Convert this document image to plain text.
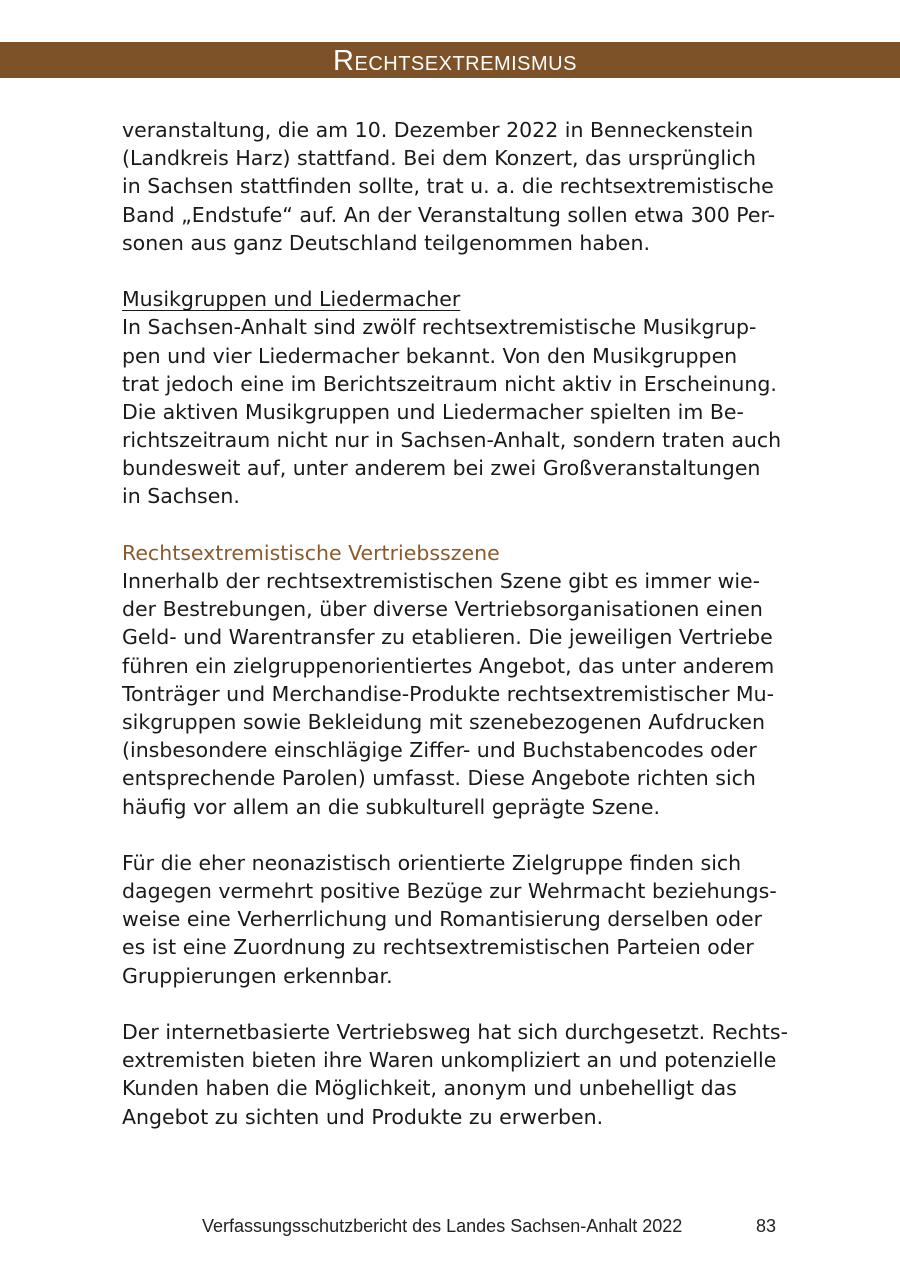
Rechtsextremismus
veranstaltung, die am 10. Dezember 2022 in Benneckenstein
(Landkreis Harz) stattfand. Bei dem Konzert, das ursprünglich
in Sachsen stattfinden sollte, trat u. a. die rechtsextremistische
Band „Endstufe“ auf. An der Veranstaltung sollen etwa 300 Per-
sonen aus ganz Deutschland teilgenommen haben.
Musikgruppen und Liedermacher
In Sachsen-Anhalt sind zwölf rechtsextremistische Musikgrup-
pen und vier Liedermacher bekannt. Von den Musikgruppen
trat jedoch eine im Berichtszeitraum nicht aktiv in Erscheinung.
Die aktiven Musikgruppen und Liedermacher spielten im Be-
richtszeitraum nicht nur in Sachsen-Anhalt, sondern traten auch
bundesweit auf, unter anderem bei zwei Großveranstaltungen
in Sachsen.
Rechtsextremistische Vertriebsszene
Innerhalb der rechtsextremistischen Szene gibt es immer wie-
der Bestrebungen, über diverse Vertriebsorganisationen einen
Geld- und Warentransfer zu etablieren. Die jeweiligen Vertriebe
führen ein zielgruppenorientiertes Angebot, das unter anderem
Tonträger und Merchandise-Produkte rechtsextremistischer Mu-
sikgruppen sowie Bekleidung mit szenebezogenen Aufdrucken
(insbesondere einschlägige Ziffer- und Buchstabencodes oder
entsprechende Parolen) umfasst. Diese Angebote richten sich
häufig vor allem an die subkulturell geprägte Szene.
Für die eher neonazistisch orientierte Zielgruppe finden sich
dagegen vermehrt positive Bezüge zur Wehrmacht beziehungs-
weise eine Verherrlichung und Romantisierung derselben oder
es ist eine Zuordnung zu rechtsextremistischen Parteien oder
Gruppierungen erkennbar.
Der internetbasierte Vertriebsweg hat sich durchgesetzt. Rechts-
extremisten bieten ihre Waren unkompliziert an und potenzielle
Kunden haben die Möglichkeit, anonym und unbehelligt das
Angebot zu sichten und Produkte zu erwerben.
Verfassungsschutzbericht des Landes Sachsen-Anhalt 2022	83
